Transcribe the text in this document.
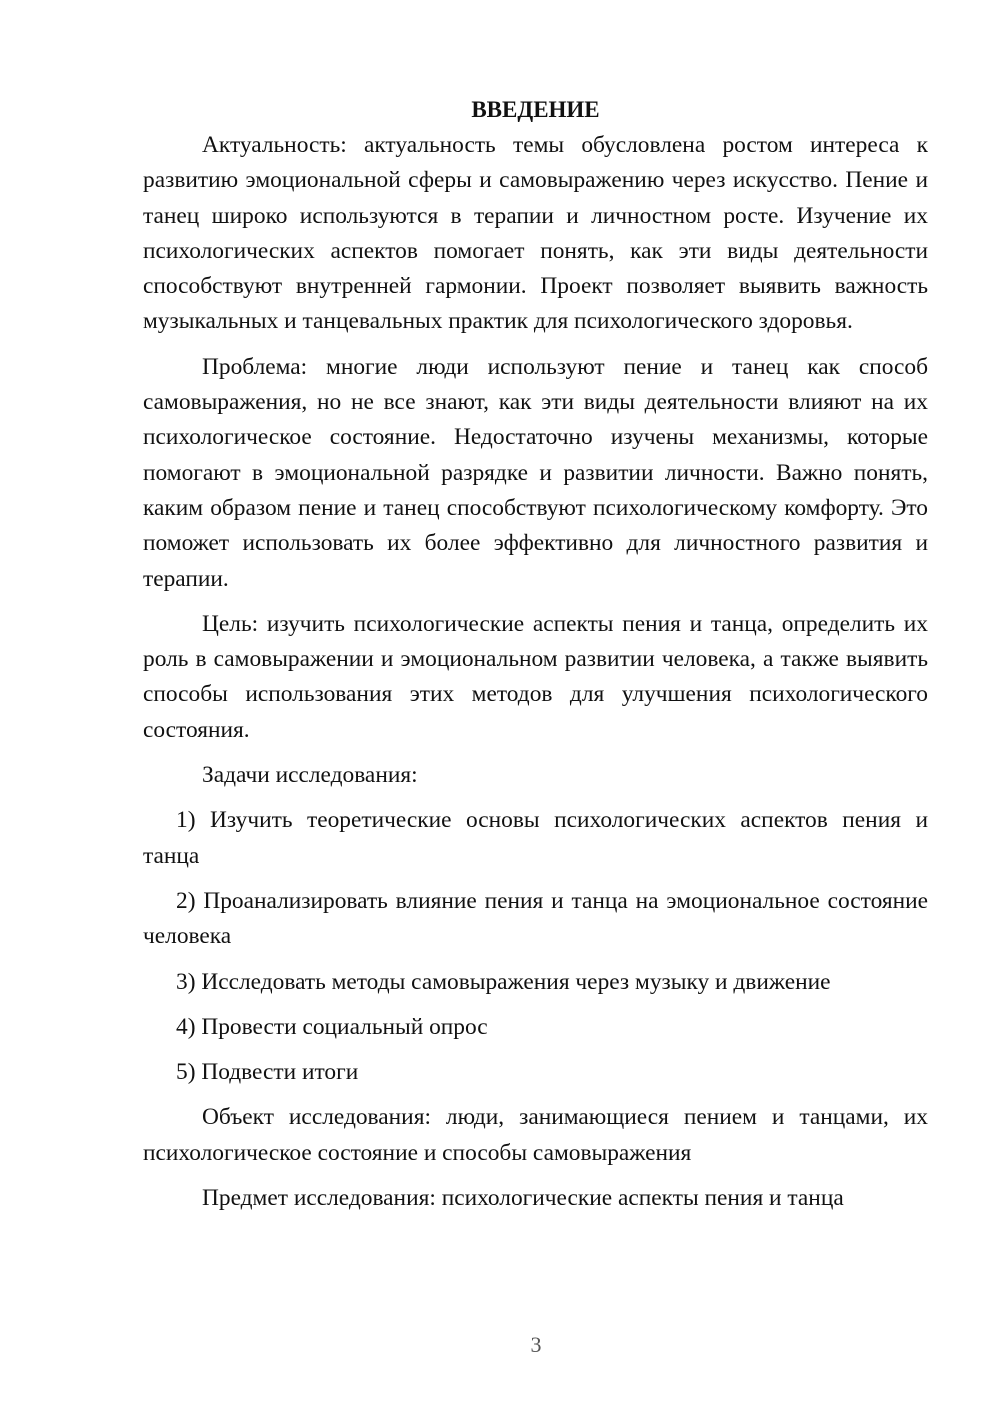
ВВЕДЕНИЕ

Актуальность: актуальность темы обусловлена ростом интереса к развитию эмоциональной сферы и самовыражению через искусство. Пение и танец широко используются в терапии и личностном росте. Изучение их психологических аспектов помогает понять, как эти виды деятельности способствуют внутренней гармонии. Проект позволяет выявить важность музыкальных и танцевальных практик для психологического здоровья.

Проблема: многие люди используют пение и танец как способ самовыражения, но не все знают, как эти виды деятельности влияют на их психологическое состояние. Недостаточно изучены механизмы, которые помогают в эмоциональной разрядке и развитии личности. Важно понять, каким образом пение и танец способствуют психологическому комфорту. Это поможет использовать их более эффективно для личностного развития и терапии.

Цель: изучить психологические аспекты пения и танца, определить их роль в самовыражении и эмоциональном развитии человека, а также выявить способы использования этих методов для улучшения психологического состояния.

Задачи исследования:

1) Изучить теоретические основы психологических аспектов пения и танца

2) Проанализировать влияние пения и танца на эмоциональное состояние человека

3) Исследовать методы самовыражения через музыку и движение

4) Провести социальный опрос

5) Подвести итоги

Объект исследования: люди, занимающиеся пением и танцами, их психологическое состояние и способы самовыражения

Предмет исследования: психологические аспекты пения и танца

3
